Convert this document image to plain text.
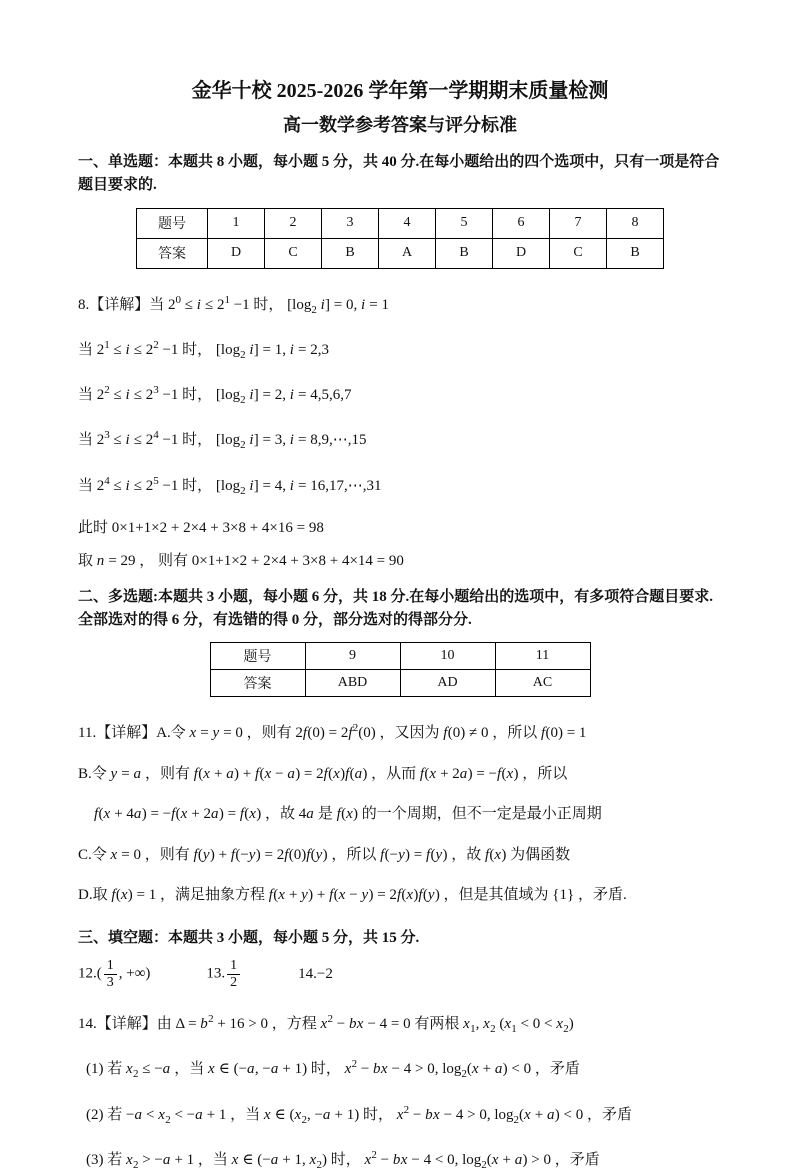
金华十校 2025-2026 学年第一学期期末质量检测
高一数学参考答案与评分标准

一、单选题：本题共 8 小题，每小题 5 分，共 40 分.在每小题给出的四个选项中，只有一项是符合题目要求的.

题号	1	2	3	4	5	6	7	8
答案	D	C	B	A	B	D	C	B
8.【详解】当 $2^0 \le i \le 2^1 -1$ 时， [$\log_2$ i] = 0, i = 1
当 $2^1 \le i \le 2^2 -1$ 时， [$\log_2$ i] = 1, i = 2,3
当 $2^2 \le i \le 2^3 -1$ 时， [$\log_2$ i] = 2, i = 4,5,6,7
当 $2^3 \le i \le 2^4 -1$ 时， [$\log_2$ i] = 3, i = 8,9,⋯,15
当 $2^4 \le i \le 2^5 -1$ 时， [$\log_2$ i] = 4, i = 16,17,⋯,31
此时 0×1+1×2 + 2×4 + 3×8 + 4×16 = 98
取 n = 29 ， 则有 0×1+1×2 + 2×4 + 3×8 + 4×14 = 90

二、多选题:本题共 3 小题，每小题 6 分，共 18 分.在每小题给出的选项中，有多项符合题目要求.全部选对的得 6 分，有选错的得 0 分，部分选对的得部分分.

题号	9	10	11
答案	ABD	AD	AC
11.【详解】A.令 x = y = 0 ，则有 $2f(0) = 2f^2(0)$ ，又因为 f(0) ≠ 0 ，所以 f(0) = 1
B.令 y = a ，则有 f(x + a) + f(x − a) = 2f(x)f(a) ，从而 f(x + 2a) = −f(x) ，所以
f(x + 4a) = −f(x + 2a) = f(x) ，故 4a 是 f(x) 的一个周期，但不一定是最小正周期
C.令 x = 0 ，则有 f(y) + f(−y) = 2f(0)f(y) ，所以 f(−y) = f(y) ，故 f(x) 为偶函数
D.取 f(x) = 1 ，满足抽象方程 f(x + y) + f(x − y) = 2f(x)f(y) ，但是其值域为 {1} ，矛盾.

三、填空题：本题共 3 小题，每小题 5 分，共 15 分.

$12.( \frac{1}{3}$ , +∞)	13. $\frac{1}{2}$	14.−2
14.【详解】由 $\Delta = b^2 + 16 > 0$ ，方程 $x^2$ − bx − 4 = 0 有两根 $x_1$, $x_2$ $(x_1 < 0 < x_2)$
(1) 若 $x_2 \le -a$ ，当 x ∈ (−a, −a + 1) 时， $x^2$ − bx − 4 > 0, $\log_2(x + a) < 0$ ，矛盾
(2) 若 $-a < x_2 < -a + 1$ ，当 x ∈ ($x_2$, −a + 1) 时， $x^2$ − bx − 4 > 0, $\log_2(x + a) < 0$ ，矛盾
(3) 若 $x_2 > -a + 1$ ，当 x ∈ (−a + 1, $x_2$) 时， $x^2$ − bx − 4 < 0, $\log_2(x + a) > 0$ ，矛盾
